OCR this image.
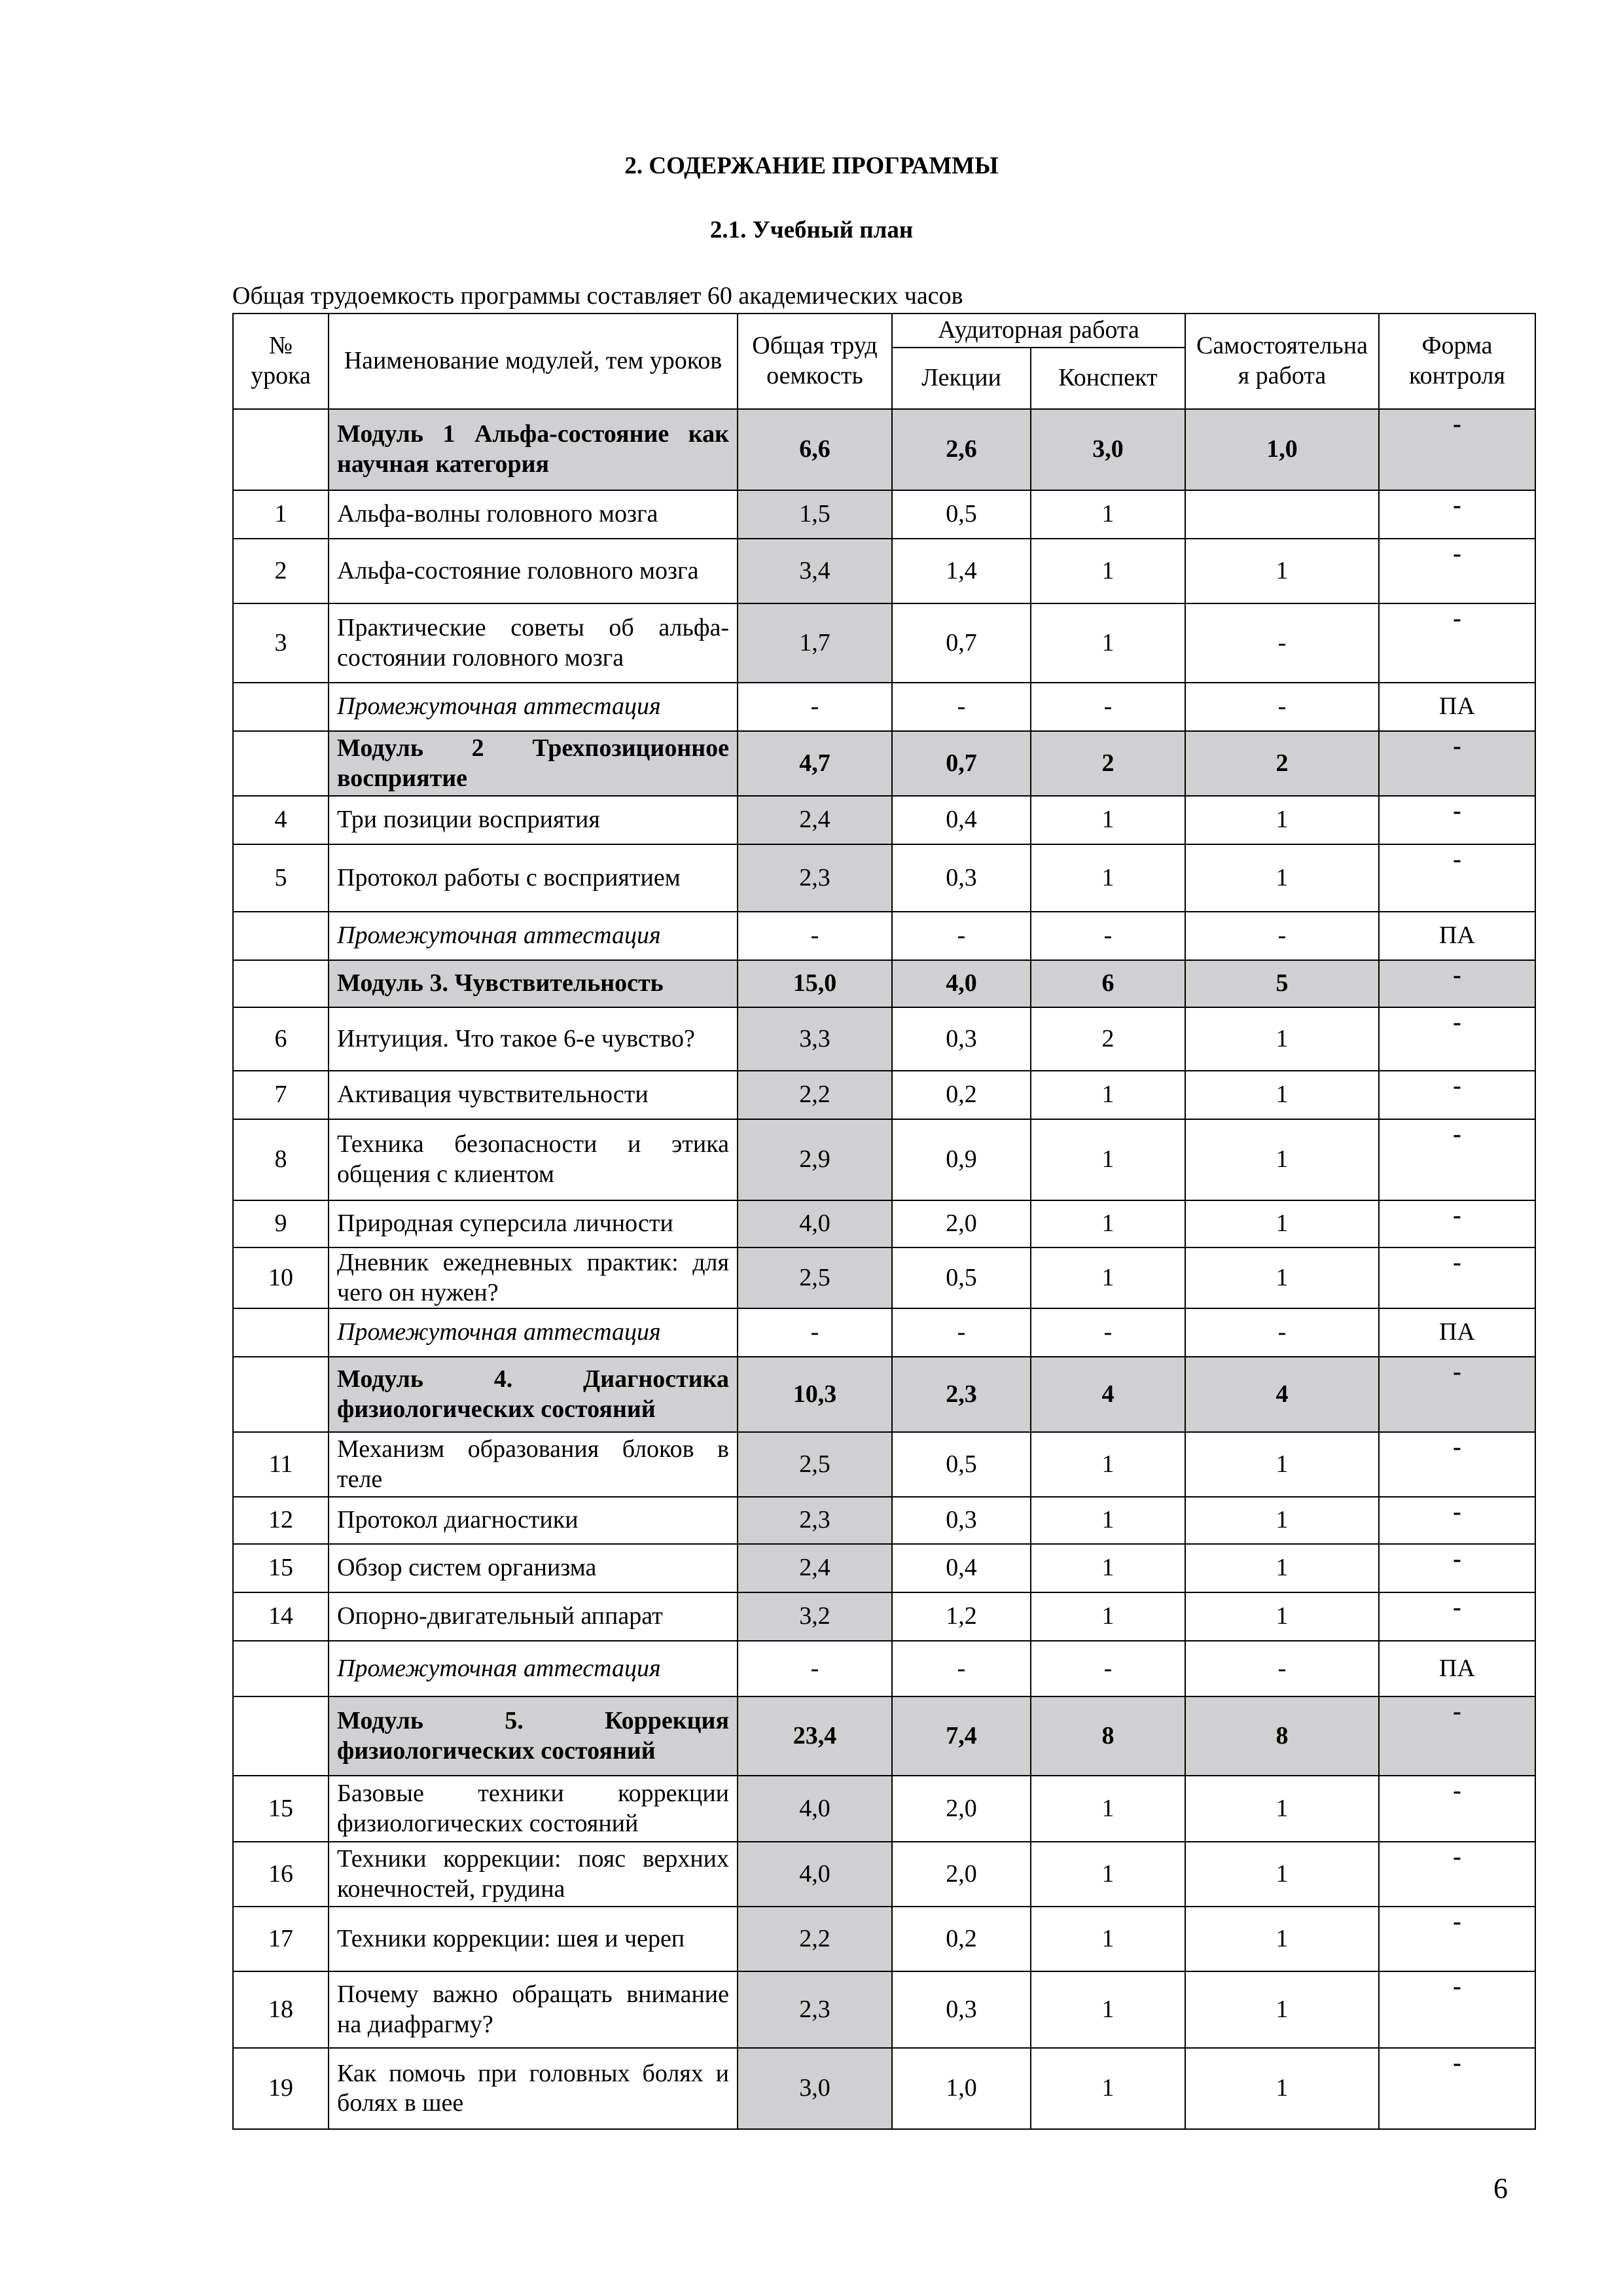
2. СОДЕРЖАНИЕ ПРОГРАММЫ
2.1. Учебный план
Общая трудоемкость программы составляет 60 академических часов
№ урока	Наименование модулей, тем уроков	Общая трудоемкость	Аудиторная работа		Самостоятельная работа	Форма контроля
			Лекции	Конспект		
	Модуль 1 Альфа-состояние как научная категория	6,6	2,6	3,0	1,0	-
1	Альфа-волны головного мозга	1,5	0,5	1		-
2	Альфа-состояние головного мозга	3,4	1,4	1	1	-
3	Практические советы об альфа-состоянии головного мозга	1,7	0,7	1	-	-
	Промежуточная аттестация	-	-	-	-	ПА
	Модуль 2 Трехпозиционное восприятие	4,7	0,7	2	2	-
4	Три позиции восприятия	2,4	0,4	1	1	-
5	Протокол работы с восприятием	2,3	0,3	1	1	-
	Промежуточная аттестация	-	-	-	-	ПА
	Модуль 3. Чувствительность	15,0	4,0	6	5	-
6	Интуиция. Что такое 6-е чувство?	3,3	0,3	2	1	-
7	Активация чувствительности	2,2	0,2	1	1	-
8	Техника безопасности и этика общения с клиентом	2,9	0,9	1	1	-
9	Природная суперсила личности	4,0	2,0	1	1	-
10	Дневник ежедневных практик: для чего он нужен?	2,5	0,5	1	1	-
	Промежуточная аттестация	-	-	-	-	ПА
	Модуль 4. Диагностика физиологических состояний	10,3	2,3	4	4	-
11	Механизм образования блоков в теле	2,5	0,5	1	1	-
12	Протокол диагностики	2,3	0,3	1	1	-
15	Обзор систем организма	2,4	0,4	1	1	-
14	Опорно-двигательный аппарат	3,2	1,2	1	1	-
	Промежуточная аттестация	-	-	-	-	ПА
	Модуль 5. Коррекция физиологических состояний	23,4	7,4	8	8	-
15	Базовые техники коррекции физиологических состояний	4,0	2,0	1	1	-
16	Техники коррекции: пояс верхних конечностей, грудина	4,0	2,0	1	1	-
17	Техники коррекции: шея и череп	2,2	0,2	1	1	-
18	Почему важно обращать внимание на диафрагму?	2,3	0,3	1	1	-
19	Как помочь при головных болях и болях в шее	3,0	1,0	1	1	-
6
